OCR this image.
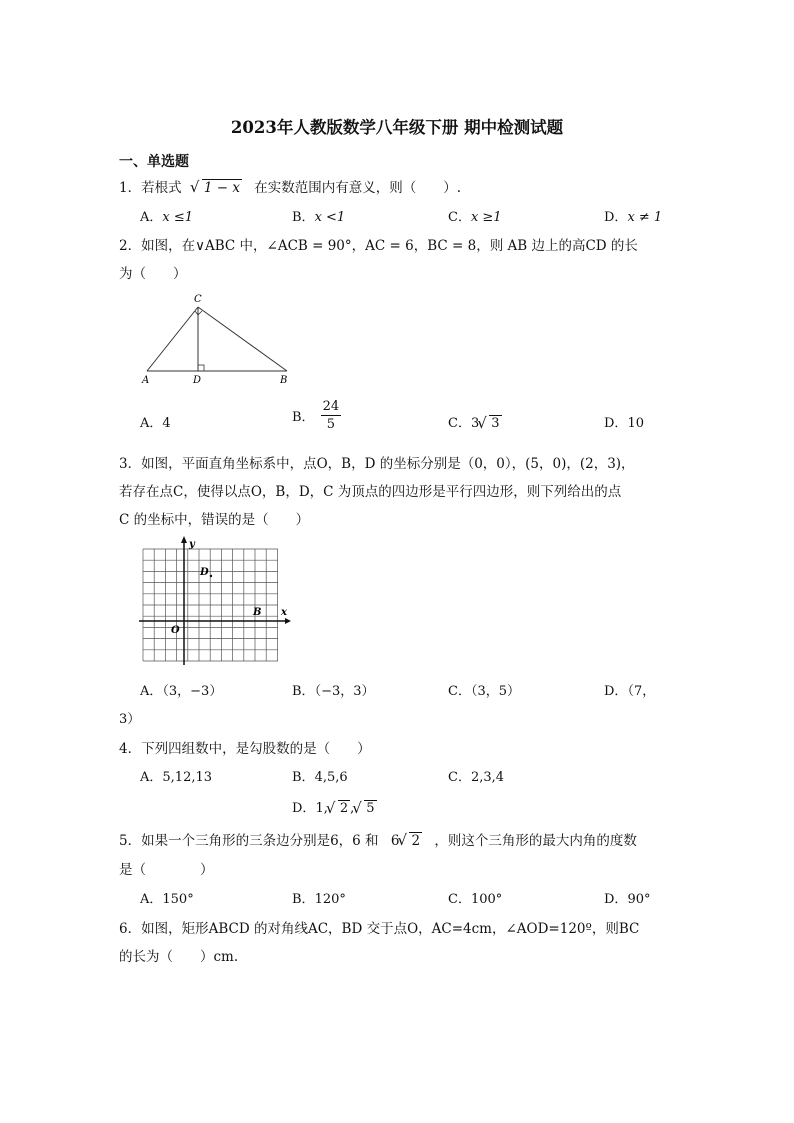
2023年人教版数学八年级下册 期中检测试题
一、单选题
1．若根式 √ 1 − x 在实数范围内有意义，则（　　）.
A．x ≤1	B．x <1	C．x ≥1	D．x ≠ 1
2．如图，在∨ABC 中，∠ACB = 90°，AC = 6，BC = 8，则 AB 边上的高CD 的长
为（　　）
C
A	D	B
A．4	B． $\frac{24}{5}$	C．3 √ 3	D．10
3．如图，平面直角坐标系中，点O，B，D 的坐标分别是（0，0），(5，0)，(2，3)，
若存在点C，使得以点O，B，D，C 为顶点的四边形是平行四边形，则下列给出的点
C 的坐标中，错误的是（　　）
y
x
O
D
B
A．（3，−3）	B．（−3，3）	C．（3，5）	D．（7，
3）
4．下列四组数中，是勾股数的是（　　）
A．5,12,13	B．4,5,6	C．2,3,4
D．1, √ 2 , √ 5
5．如果一个三角形的三条边分别是6，6 和 6 √ 2 ，则这个三角形的最大内角的度数
是（　　　　）
A．150°	B．120°	C．100°	D．90°
6．如图，矩形ABCD 的对角线AC，BD 交于点O，AC=4cm，∠AOD=120º，则BC
的长为（　　）cm.
